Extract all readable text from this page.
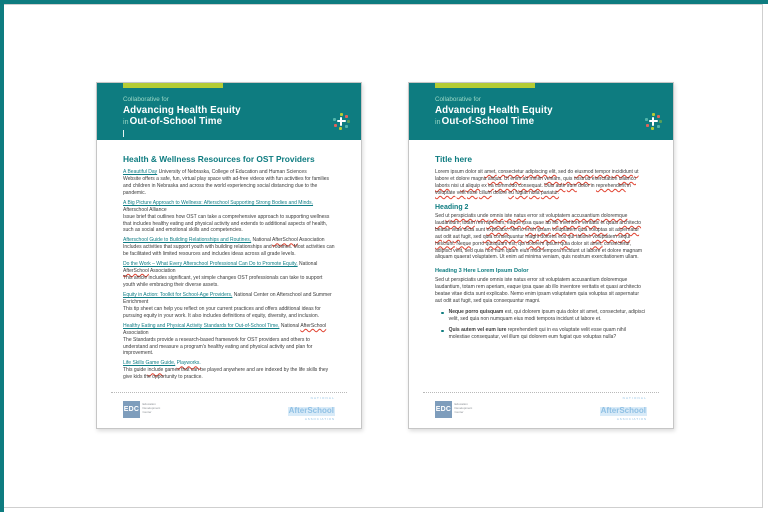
Collaborative for
Advancing Health Equity
inOut-of-School Time
Health & Wellness Resources for OST Providers
A Beautiful Day University of Nebraska, College of Education and Human Sciences
Website offers a safe, fun, virtual play space with ad-free videos with fun activities for families and children in Nebraska and across the world experiencing social distancing due to the pandemic.
A Big Picture Approach to Wellness: Afterschool Supporting Strong Bodies and Minds, Afterschool Alliance
Issue brief that outlines how OST can take a comprehensive approach to supporting wellness that includes healthy eating and physical activity and extends to additional aspects of health, such as social and emotional skills and competencies.
Afterschool Guide to Building Relationships and Routines, National AfterSchool Association
Includes activities that support youth with building relationships and routines. Most activities can be facilitated with limited resources and includes ideas across all grade levels.
Do the Work – What Every Afterschool Professional Can Do to Promote Equity, National AfterSchool Association
This article includes significant, yet simple changes OST professionals can take to support youth while embracing their diverse assets.
Equity in Action: Toolkit for School-Age Providers, National Center on Afterschool and Summer Enrichment
This tip sheet can help you reflect on your current practices and offers additional ideas for pursuing equity in your work. It also includes definitions of equity, diversity, and inclusion.
Healthy Eating and Physical Activity Standards for Out-of-School Time, National AfterSchool Association
The Standards provide a research-based framework for OST providers and others to understand and measure a program's healthy eating and physical activity and plan for improvement.
Life Skills Game Guide, Playworks.
This guide include games that can be played anywhere and are indexed by the life skills they give kids the opportunity to practice.
EDC
Education
Development
Center
NATIONAL
AfterSchool
ASSOCIATION
Collaborative for
Advancing Health Equity
inOut-of-School Time
Title here
Lorem ipsum dolor sit amet, consectetur adipiscing elit, sed do eiusmod tempor incididunt ut labore et dolore magna aliqua. Ut enim ad minim veniam, quis nostrud exercitation ullamco laboris nisi ut aliquip ex ea commodo consequat. Duis aute irure dolor in reprehenderit in voluptate velit esse cillum dolore eu fugiat nulla pariatur.
Heading 2
Sed ut perspiciatis unde omnis iste natus error sit voluptatem accusantium doloremque laudantium, totam rem aperiam, eaque ipsa quae ab illo inventore veritatis et quasi architecto beatae vitae dicta sunt explicabo. Nemo enim ipsam voluptatem quia voluptas sit aspernatur aut odit aut fugit, sed quia consequuntur magni dolores eos qui ratione voluptatem sequi nesciunt. Neque porro quisquam est, qui dolorem ipsum quia dolor sit amet, consectetur, adipisci velit, sed quia non num quam eius modi tempora incidunt ut labore et dolore magnam aliquam quaerat voluptatem. Ut enim ad minima veniam, quis nostrum exercitationem ullam.
Heading 3 Here Lorem Ipsum Dolor
Sed ut perspiciatis unde omnis iste natus error sit voluptatem accusantium doloremque laudantium, totam rem aperiam, eaque ipsa quae ab illo inventore veritatis et quasi architecto beatae vitae dicta sunt explicabo. Nemo enim ipsam voluptatem quia voluptas sit aspernatur aut odit aut fugit, sed quia consequuntur magni.
Neque porro quisquam est, qui dolorem ipsum quia dolor sit amet, consectetur, adipisci velit, sed quia non numquam eius modi tempora incidunt ut labore et.
Quis autem vel eum iure reprehenderit qui in ea voluptate velit esse quam nihil molestiae consequatur, vel illum qui dolorem eum fugiat quo voluptas nulla?
EDC
Education
Development
Center
NATIONAL
AfterSchool
ASSOCIATION
